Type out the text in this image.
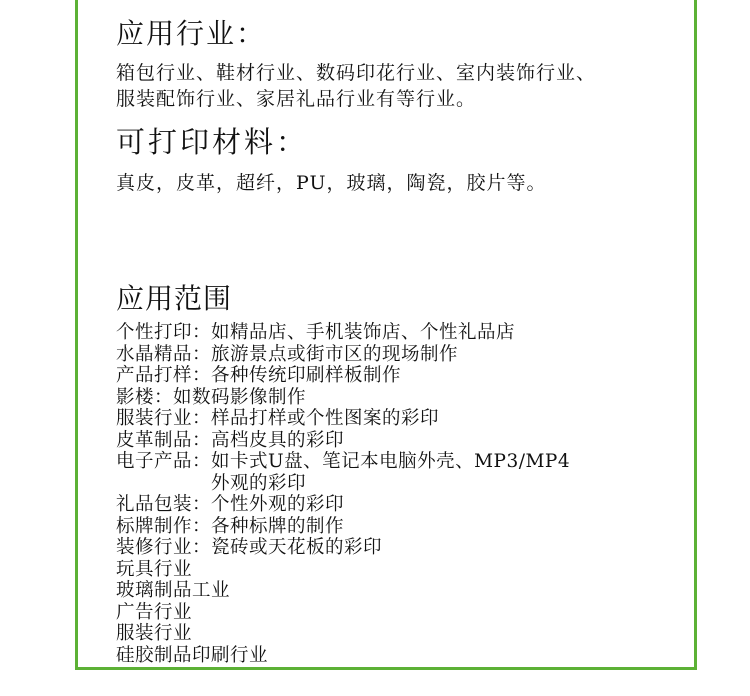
应用行业：
箱包行业、鞋材行业、数码印花行业、室内装饰行业、
服装配饰行业、家居礼品行业有等行业。
可打印材料：
真皮，皮革，超纤，PU，玻璃，陶瓷，胶片等。
应用范围
个性打印：如精品店、手机装饰店、个性礼品店
水晶精品：旅游景点或街市区的现场制作
产品打样：各种传统印刷样板制作
影楼：如数码影像制作
服装行业：样品打样或个性图案的彩印
皮革制品：高档皮具的彩印
电子产品：如卡式U盘、笔记本电脑外壳、MP3/MP4
　　　　　外观的彩印
礼品包装：个性外观的彩印
标牌制作：各种标牌的制作
装修行业：瓷砖或天花板的彩印
玩具行业
玻璃制品工业
广告行业
服装行业
硅胶制品印刷行业
